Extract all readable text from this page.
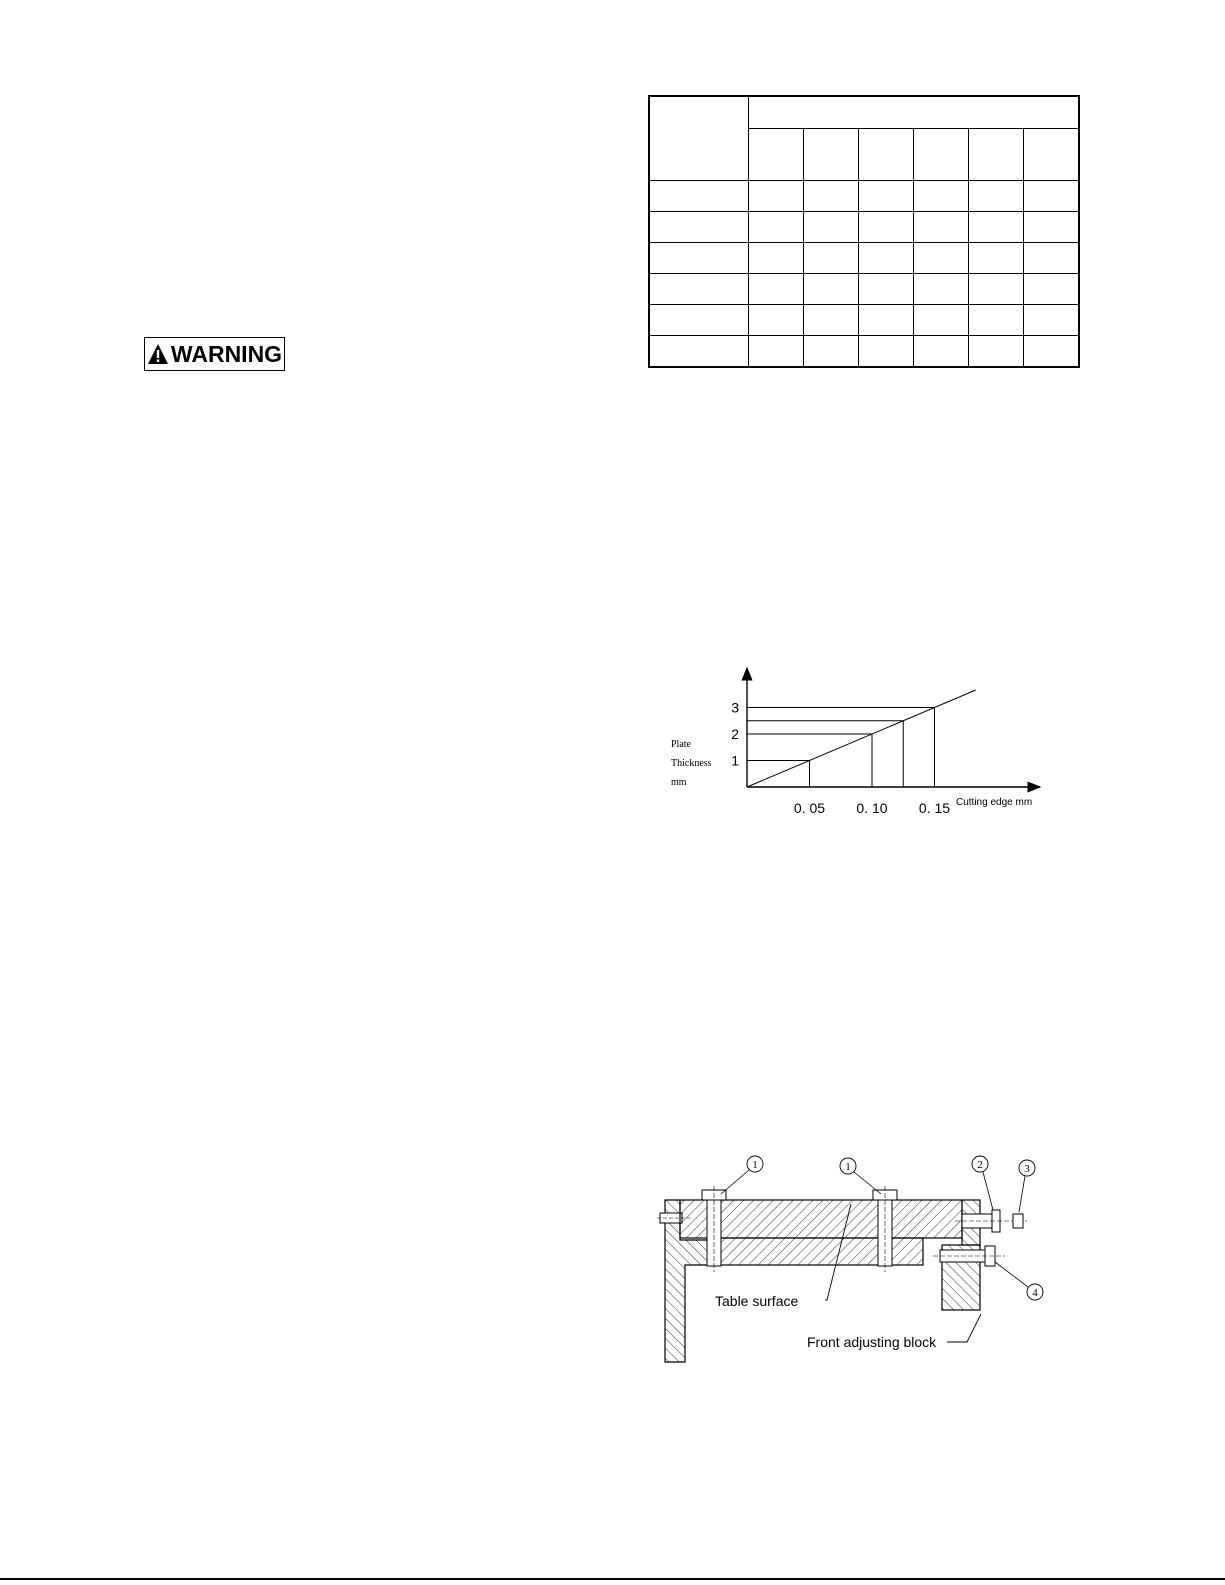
WARNING

1
2
3
0. 05 0. 10 0. 15
Plate
Thickness
mm
Cutting edge mm
1	1	2	3
4
Table surface
Front adjusting block
